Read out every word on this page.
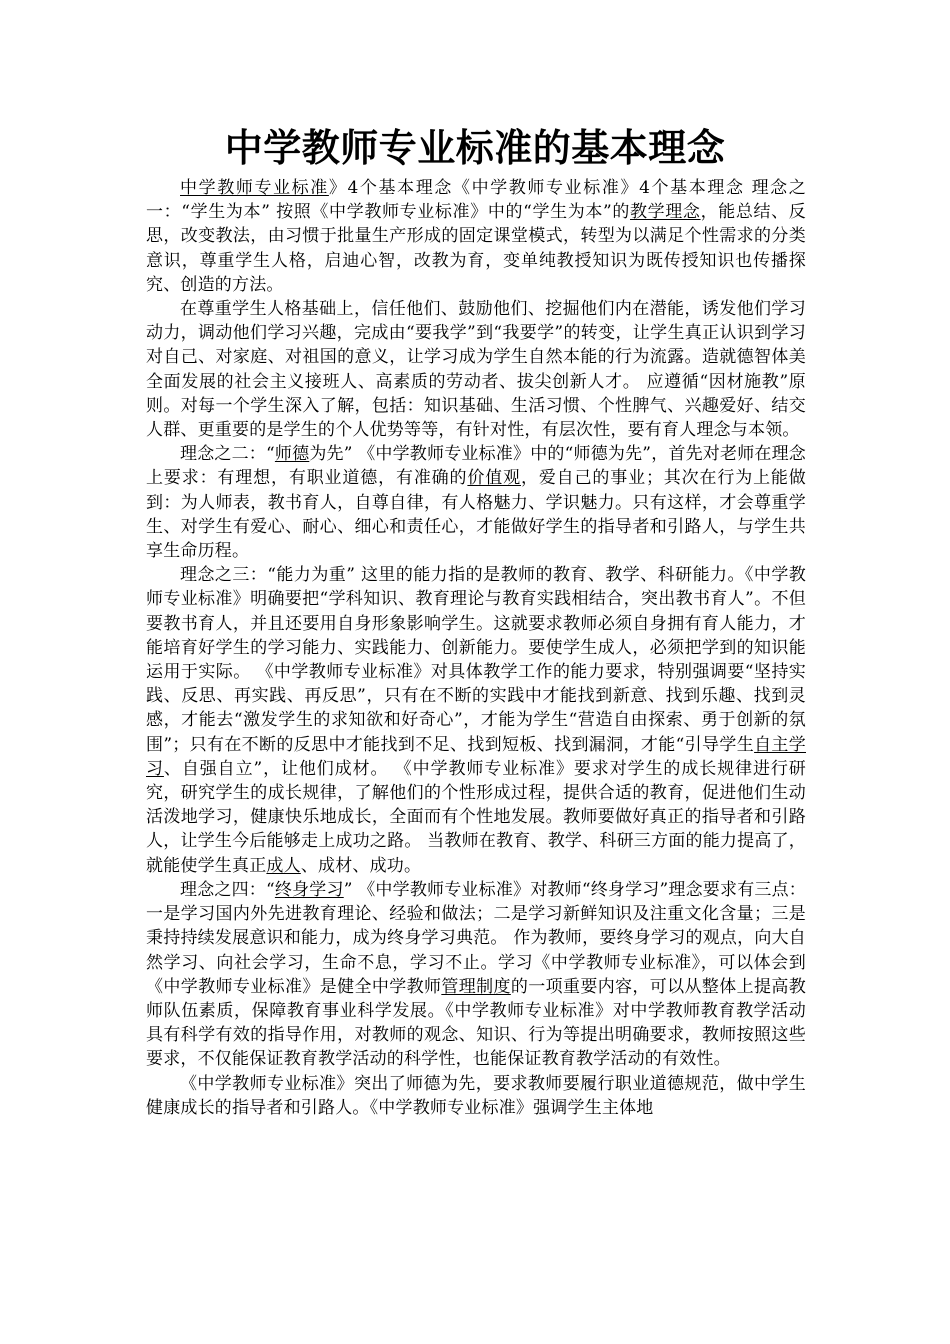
中学教师专业标准的基本理念

中学教师专业标准》4个基本理念《中学教师专业标准》4个基本理念 理念之一：“学生为本” 按照《中学教师专业标准》中的“学生为本”的教学理念，能总结、反思，改变教法，由习惯于批量生产形成的固定课堂模式，转型为以满足个性需求的分类意识，尊重学生人格，启迪心智，改教为育，变单纯教授知识为既传授知识也传播探究、创造的方法。

在尊重学生人格基础上，信任他们、鼓励他们、挖掘他们内在潜能，诱发他们学习动力，调动他们学习兴趣，完成由“要我学”到“我要学”的转变，让学生真正认识到学习对自己、对家庭、对祖国的意义，让学习成为学生自然本能的行为流露。造就德智体美全面发展的社会主义接班人、高素质的劳动者、拔尖创新人才。 应遵循“因材施教”原则。对每一个学生深入了解，包括：知识基础、生活习惯、个性脾气、兴趣爱好、结交人群、更重要的是学生的个人优势等等，有针对性，有层次性，要有育人理念与本领。

理念之二：“师德为先” 《中学教师专业标准》中的“师德为先”，首先对老师在理念上要求：有理想，有职业道德，有准确的价值观，爱自己的事业；其次在行为上能做到：为人师表，教书育人，自尊自律，有人格魅力、学识魅力。只有这样，才会尊重学生、对学生有爱心、耐心、细心和责任心，才能做好学生的指导者和引路人，与学生共享生命历程。

理念之三：“能力为重” 这里的能力指的是教师的教育、教学、科研能力。《中学教师专业标准》明确要把“学科知识、教育理论与教育实践相结合，突出教书育人”。不但要教书育人，并且还要用自身形象影响学生。这就要求教师必须自身拥有育人能力，才能培育好学生的学习能力、实践能力、创新能力。要使学生成人，必须把学到的知识能运用于实际。 《中学教师专业标准》对具体教学工作的能力要求，特别强调要“坚持实践、反思、再实践、再反思”，只有在不断的实践中才能找到新意、找到乐趣、找到灵感，才能去“激发学生的求知欲和好奇心”，才能为学生“营造自由探索、勇于创新的氛围”；只有在不断的反思中才能找到不足、找到短板、找到漏洞，才能“引导学生自主学习、自强自立”，让他们成材。 《中学教师专业标准》要求对学生的成长规律进行研究，研究学生的成长规律，了解他们的个性形成过程，提供合适的教育，促进他们生动活泼地学习，健康快乐地成长，全面而有个性地发展。教师要做好真正的指导者和引路人，让学生今后能够走上成功之路。 当教师在教育、教学、科研三方面的能力提高了，就能使学生真正成人、成材、成功。

理念之四：“终身学习” 《中学教师专业标准》对教师“终身学习”理念要求有三点：一是学习国内外先进教育理论、经验和做法；二是学习新鲜知识及注重文化含量；三是秉持持续发展意识和能力，成为终身学习典范。 作为教师，要终身学习的观点，向大自然学习、向社会学习，生命不息，学习不止。学习《中学教师专业标准》，可以体会到《中学教师专业标准》是健全中学教师管理制度的一项重要内容，可以从整体上提高教师队伍素质，保障教育事业科学发展。《中学教师专业标准》对中学教师教育教学活动具有科学有效的指导作用，对教师的观念、知识、行为等提出明确要求，教师按照这些要求，不仅能保证教育教学活动的科学性，也能保证教育教学活动的有效性。

《中学教师专业标准》突出了师德为先，要求教师要履行职业道德规范，做中学生健康成长的指导者和引路人。《中学教师专业标准》强调学生主体地
